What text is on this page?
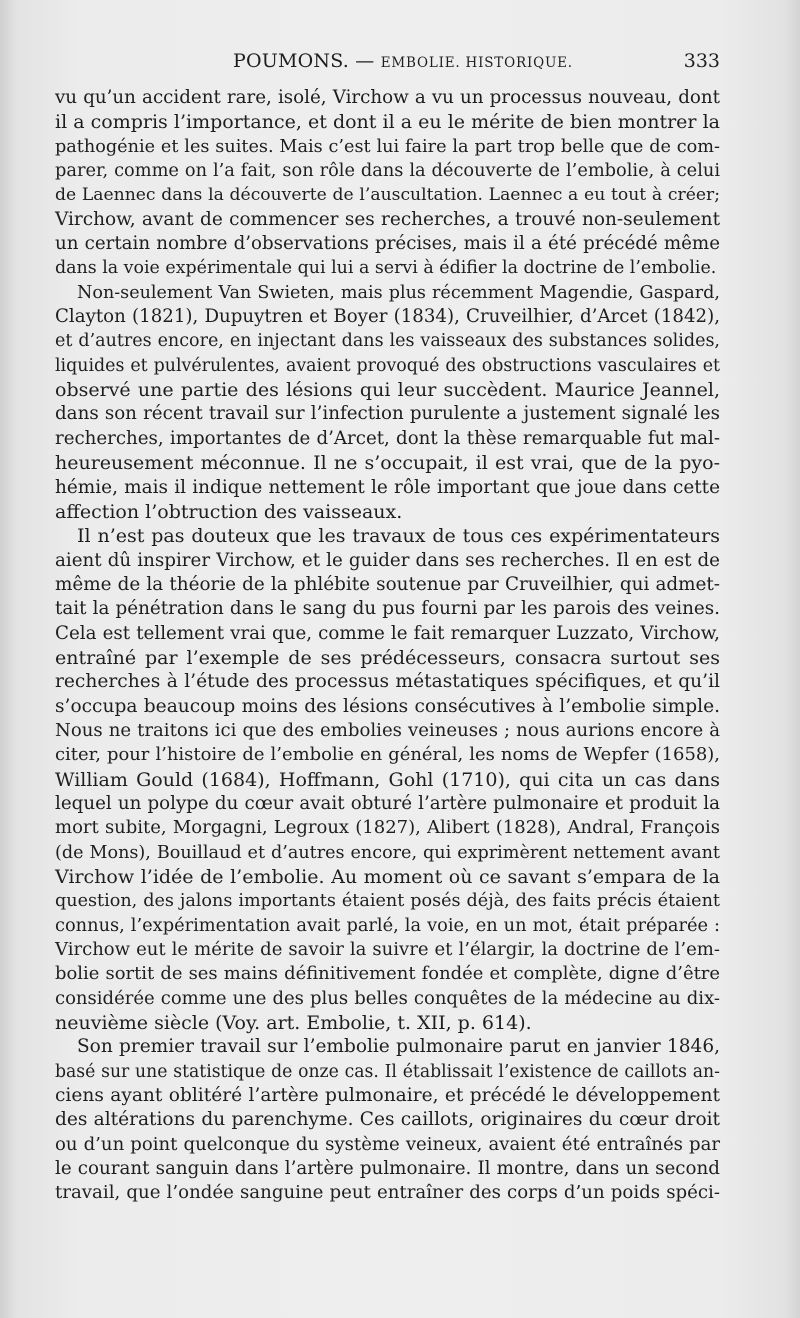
POUMONS. — EMBOLIE. HISTORIQUE.	333
vu qu’un accident rare, isolé, Virchow a vu un processus nouveau, dont
il a compris l’importance, et dont il a eu le mérite de bien montrer la
pathogénie et les suites. Mais c’est lui faire la part trop belle que de com-
parer, comme on l’a fait, son rôle dans la découverte de l’embolie, à celui
de Laennec dans la découverte de l’auscultation. Laennec a eu tout à créer;
Virchow, avant de commencer ses recherches, a trouvé non-seulement
un certain nombre d’observations précises, mais il a été précédé même
dans la voie expérimentale qui lui a servi à édifier la doctrine de l’embolie.
Non-seulement Van Swieten, mais plus récemment Magendie, Gaspard,
Clayton (1821), Dupuytren et Boyer (1834), Cruveilhier, d’Arcet (1842),
et d’autres encore, en injectant dans les vaisseaux des substances solides,
liquides et pulvérulentes, avaient provoqué des obstructions vasculaires et
observé une partie des lésions qui leur succèdent. Maurice Jeannel,
dans son récent travail sur l’infection purulente a justement signalé les
recherches, importantes de d’Arcet, dont la thèse remarquable fut mal-
heureusement méconnue. Il ne s’occupait, il est vrai, que de la pyo-
hémie, mais il indique nettement le rôle important que joue dans cette
affection l’obtruction des vaisseaux.
Il n’est pas douteux que les travaux de tous ces expérimentateurs
aient dû inspirer Virchow, et le guider dans ses recherches. Il en est de
même de la théorie de la phlébite soutenue par Cruveilhier, qui admet-
tait la pénétration dans le sang du pus fourni par les parois des veines.
Cela est tellement vrai que, comme le fait remarquer Luzzato, Virchow,
entraîné par l’exemple de ses prédécesseurs, consacra surtout ses
recherches à l’étude des processus métastatiques spécifiques, et qu’il
s’occupa beaucoup moins des lésions consécutives à l’embolie simple.
Nous ne traitons ici que des embolies veineuses ; nous aurions encore à
citer, pour l’histoire de l’embolie en général, les noms de Wepfer (1658),
William Gould (1684), Hoffmann, Gohl (1710), qui cita un cas dans
lequel un polype du cœur avait obturé l’artère pulmonaire et produit la
mort subite, Morgagni, Legroux (1827), Alibert (1828), Andral, François
(de Mons), Bouillaud et d’autres encore, qui exprimèrent nettement avant
Virchow l’idée de l’embolie. Au moment où ce savant s’empara de la
question, des jalons importants étaient posés déjà, des faits précis étaient
connus, l’expérimentation avait parlé, la voie, en un mot, était préparée :
Virchow eut le mérite de savoir la suivre et l’élargir, la doctrine de l’em-
bolie sortit de ses mains définitivement fondée et complète, digne d’être
considérée comme une des plus belles conquêtes de la médecine au dix-
neuvième siècle (Voy. art. Embolie, t. XII, p. 614).
Son premier travail sur l’embolie pulmonaire parut en janvier 1846,
basé sur une statistique de onze cas. Il établissait l’existence de caillots an-
ciens ayant oblitéré l’artère pulmonaire, et précédé le développement
des altérations du parenchyme. Ces caillots, originaires du cœur droit
ou d’un point quelconque du système veineux, avaient été entraînés par
le courant sanguin dans l’artère pulmonaire. Il montre, dans un second
travail, que l’ondée sanguine peut entraîner des corps d’un poids spéci-
